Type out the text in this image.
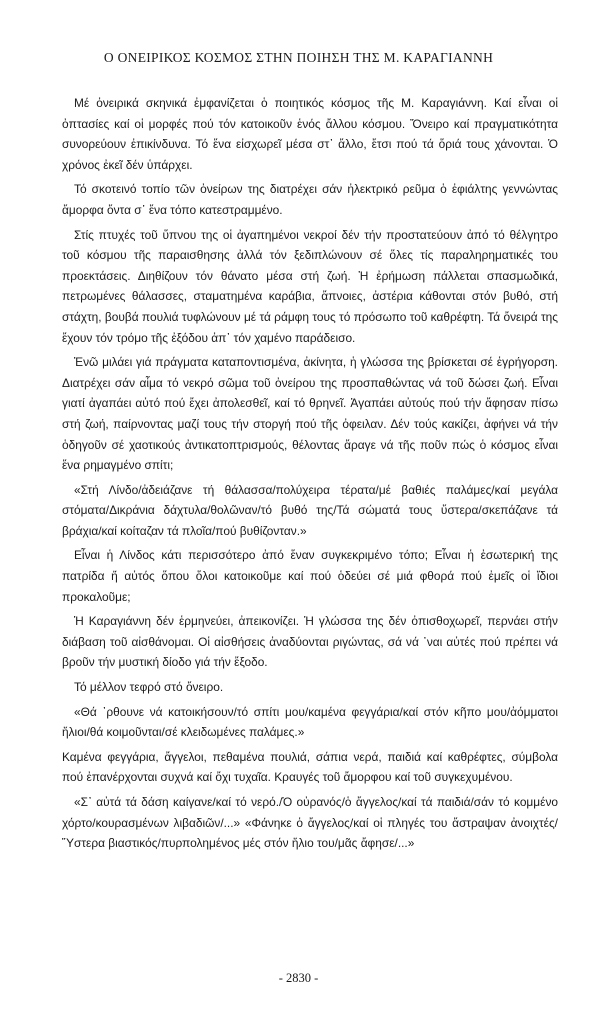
Ο ΟΝΕΙΡΙΚΟΣ ΚΟΣΜΟΣ ΣΤΗΝ ΠΟΙΗΣΗ ΤΗΣ Μ. ΚΑΡΑΓΙΑΝΝΗ

Μέ ὀνειρικά σκηνικά ἐμφανίζεται ὁ ποιητικός κόσμος τῆς Μ. Καραγιάννη. Καί εἶναι οἱ ὀπτασίες καί οἱ μορφές πού τόν κατοικοῦν ἑνός ἄλλου κόσμου. Ὄνειρο καί πραγματικότητα συνορεύουν ἐπικίνδυνα. Τό ἕνα εἰσχωρεῖ μέσα στ᾿ ἄλλο, ἔτσι πού τά ὅριά τους χάνονται. Ὁ χρόνος ἐκεῖ δέν ὑπάρχει.

Τό σκοτεινό τοπίο τῶν ὀνείρων της διατρέχει σάν ἠλεκτρικό ρεῦμα ὁ ἐφιάλτης γεννώντας ἄμορφα ὄντα σ᾿ ἕνα τόπο κατεστραμμένο.

Στίς πτυχές τοῦ ὕπνου της οἱ ἀγαπημένοι νεκροί δέν τήν προστατεύουν ἀπό τό θέλγητρο τοῦ κόσμου τῆς παραισθησης ἀλλά τόν ξεδιπλώνουν σέ ὅλες τίς παραληρηματικές του προεκτάσεις. Διηθίζουν τόν θάνατο μέσα στή ζωή. Ἡ ἐρήμωση πάλλεται σπασμωδικά, πετρωμένες θάλασσες, σταματημένα καράβια, ἄπνοιες, ἀστέρια κάθονται στόν βυθό, στή στάχτη, βουβά πουλιά τυφλώνουν μέ τά ράμφη τους τό πρόσωπο τοῦ καθρέφτη. Τά ὄνειρά της ἔχουν τόν τρόμο τῆς ἐξόδου ἀπ᾿ τόν χαμένο παράδεισο.

Ἐνῶ μιλάει γιά πράγματα καταποντισμένα, ἀκίνητα, ἡ γλώσσα της βρίσκεται σέ ἐγρήγορση. Διατρέχει σάν αἷμα τό νεκρό σῶμα τοῦ ὀνείρου της προσπαθώντας νά τοῦ δώσει ζωή. Εἶναι γιατί ἀγαπάει αὐτό πού ἔχει ἀπολεσθεῖ, καί τό θρηνεῖ. Ἀγαπάει αὐτούς πού τήν ἄφησαν πίσω στή ζωή, παίρνοντας μαζί τους τήν στοργή πού τῆς ὀφειλαν. Δέν τούς κακίζει, ἀφήνει νά τήν ὁδηγοῦν σέ χαοτικούς ἀντικατοπτρισμούς, θέλοντας ἄραγε νά τῆς ποῦν πώς ὁ κόσμος εἶναι ἕνα ρημαγμένο σπίτι;

«Στή Λίνδο/ἀδειάζανε τή θάλασσα/πολύχειρα τέρατα/μέ βαθιές παλάμες/καί μεγάλα στόματα/Δικράνια δάχτυλα/θολῶναν/τό βυθό της/Τά σώματά τους ὕστερα/σκεπάζανε τά βράχια/καί κοίταζαν τά πλοῖα/πού βυθίζονταν.»

Εἶναι ἡ Λίνδος κάτι περισσότερο ἀπό ἕναν συγκεκριμένο τόπο; Εἶναι ἡ ἐσωτερική της πατρίδα ἤ αὐτός ὅπου ὅλοι κατοικοῦμε καί πού ὁδεύει σέ μιά φθορά πού ἐμεῖς οἱ ἴδιοι προκαλοῦμε;

Ἡ Καραγιάννη δέν ἑρμηνεύει, ἀπεικονίζει. Ἡ γλώσσα της δέν ὀπισθοχωρεῖ, περνάει στήν διάβαση τοῦ αἰσθάνομαι. Οἱ αἰσθήσεις ἀναδύονται ριγώντας, σά νά ᾿ναι αὐτές πού πρέπει νά βροῦν τήν μυστική δίοδο γιά τήν ἔξοδο.

Τό μέλλον τεφρό στό ὄνειρο.

«Θά ᾿ρθουνε νά κατοικήσουν/τό σπίτι μου/καμένα φεγγάρια/καί στόν κῆπο μου/ἀόμματοι ἥλιοι/θά κοιμοῦνται/σέ κλειδωμένες παλάμες.»

Καμένα φεγγάρια, ἄγγελοι, πεθαμένα πουλιά, σάπια νερά, παιδιά καί καθρέφτες, σύμβολα πού ἐπανέρχονται συχνά καί ὄχι τυχαῖα. Κραυγές τοῦ ἄμορφου καί τοῦ συγκεχυμένου.

«Σ᾿ αὐτά τά δάση καίγανε/καί τό νερό./Ὁ οὐρανός/ὁ ἄγγελος/καί τά παιδιά/σάν τό κομμένο χόρτο/κουρασμένων λιβαδιῶν/...» «Φάνηκε ὁ ἄγγελος/καί οἱ πληγές του ἄστραψαν ἀνοιχτές/Ὕστερα βιαστικός/πυρπολημένος μές στόν ἥλιο του/μᾶς ἄφησε/...»

- 2830 -
